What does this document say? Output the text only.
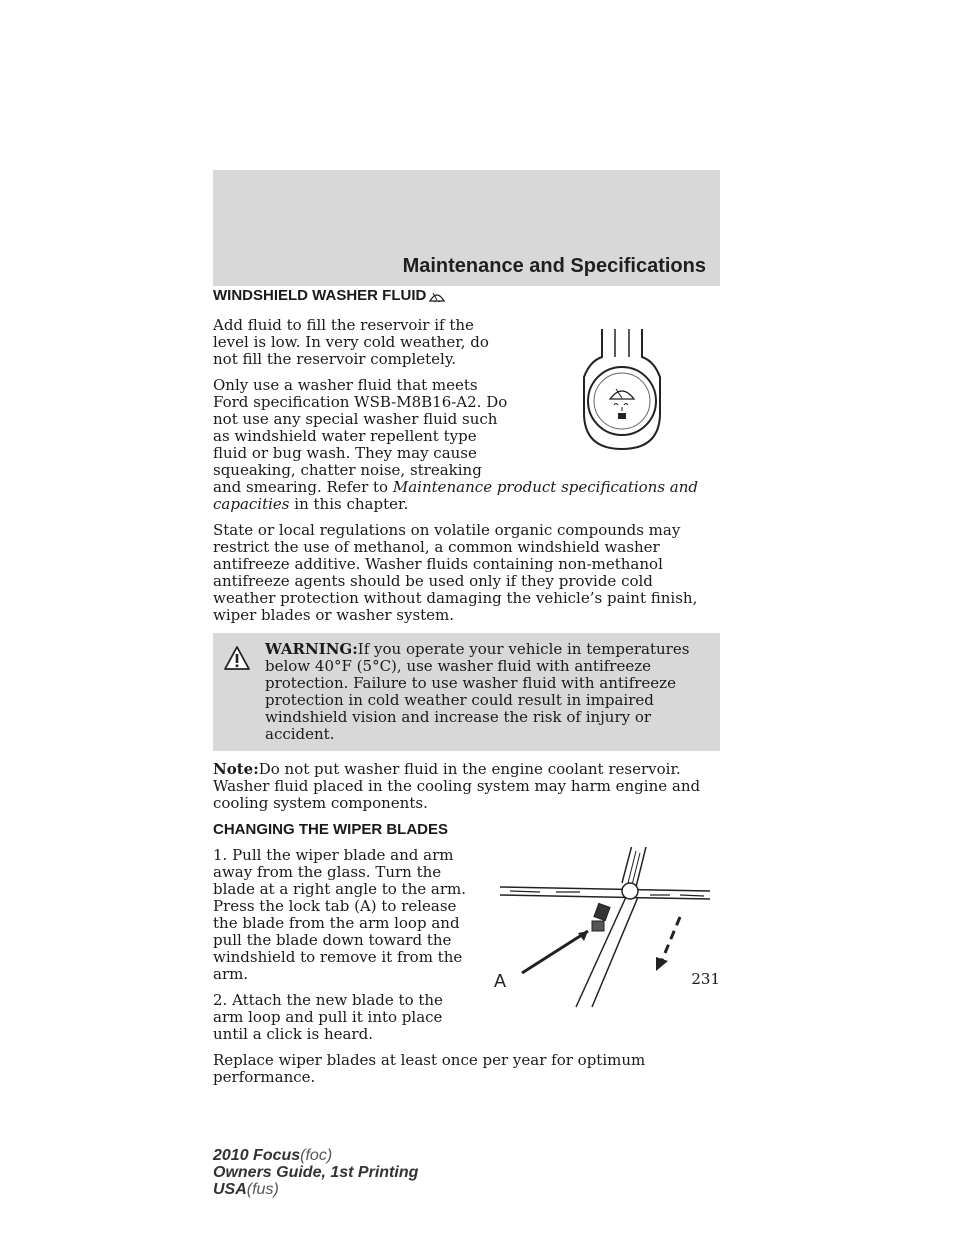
Maintenance and Specifications
WINDSHIELD WASHER FLUID

Add fluid to fill the reservoir if the level is low. In very cold weather, do not fill the reservoir completely.

Only use a washer fluid that meets Ford specification WSB-M8B16-A2. Do not use any special washer fluid such as windshield water repellent type fluid or bug wash. They may cause squeaking, chatter noise, streaking and smearing. Refer to Maintenance product specifications and capacities in this chapter.

State or local regulations on volatile organic compounds may restrict the use of methanol, a common windshield washer antifreeze additive. Washer fluids containing non-methanol antifreeze agents should be used only if they provide cold weather protection without damaging the vehicle’s paint finish, wiper blades or washer system.

WARNING:If you operate your vehicle in temperatures below 40°F (5°C), use washer fluid with antifreeze protection. Failure to use washer fluid with antifreeze protection in cold weather could result in impaired windshield vision and increase the risk of injury or accident.

Note:Do not put washer fluid in the engine coolant reservoir. Washer fluid placed in the cooling system may harm engine and cooling system components.

CHANGING THE WIPER BLADES
A

1. Pull the wiper blade and arm away from the glass. Turn the blade at a right angle to the arm. Press the lock tab (A) to release the blade from the arm loop and pull the blade down toward the windshield to remove it from the arm.

2. Attach the new blade to the arm loop and pull it into place until a click is heard.

Replace wiper blades at least once per year for optimum performance.

231
2010 Focus(foc)
Owners Guide, 1st Printing
USA(fus)
